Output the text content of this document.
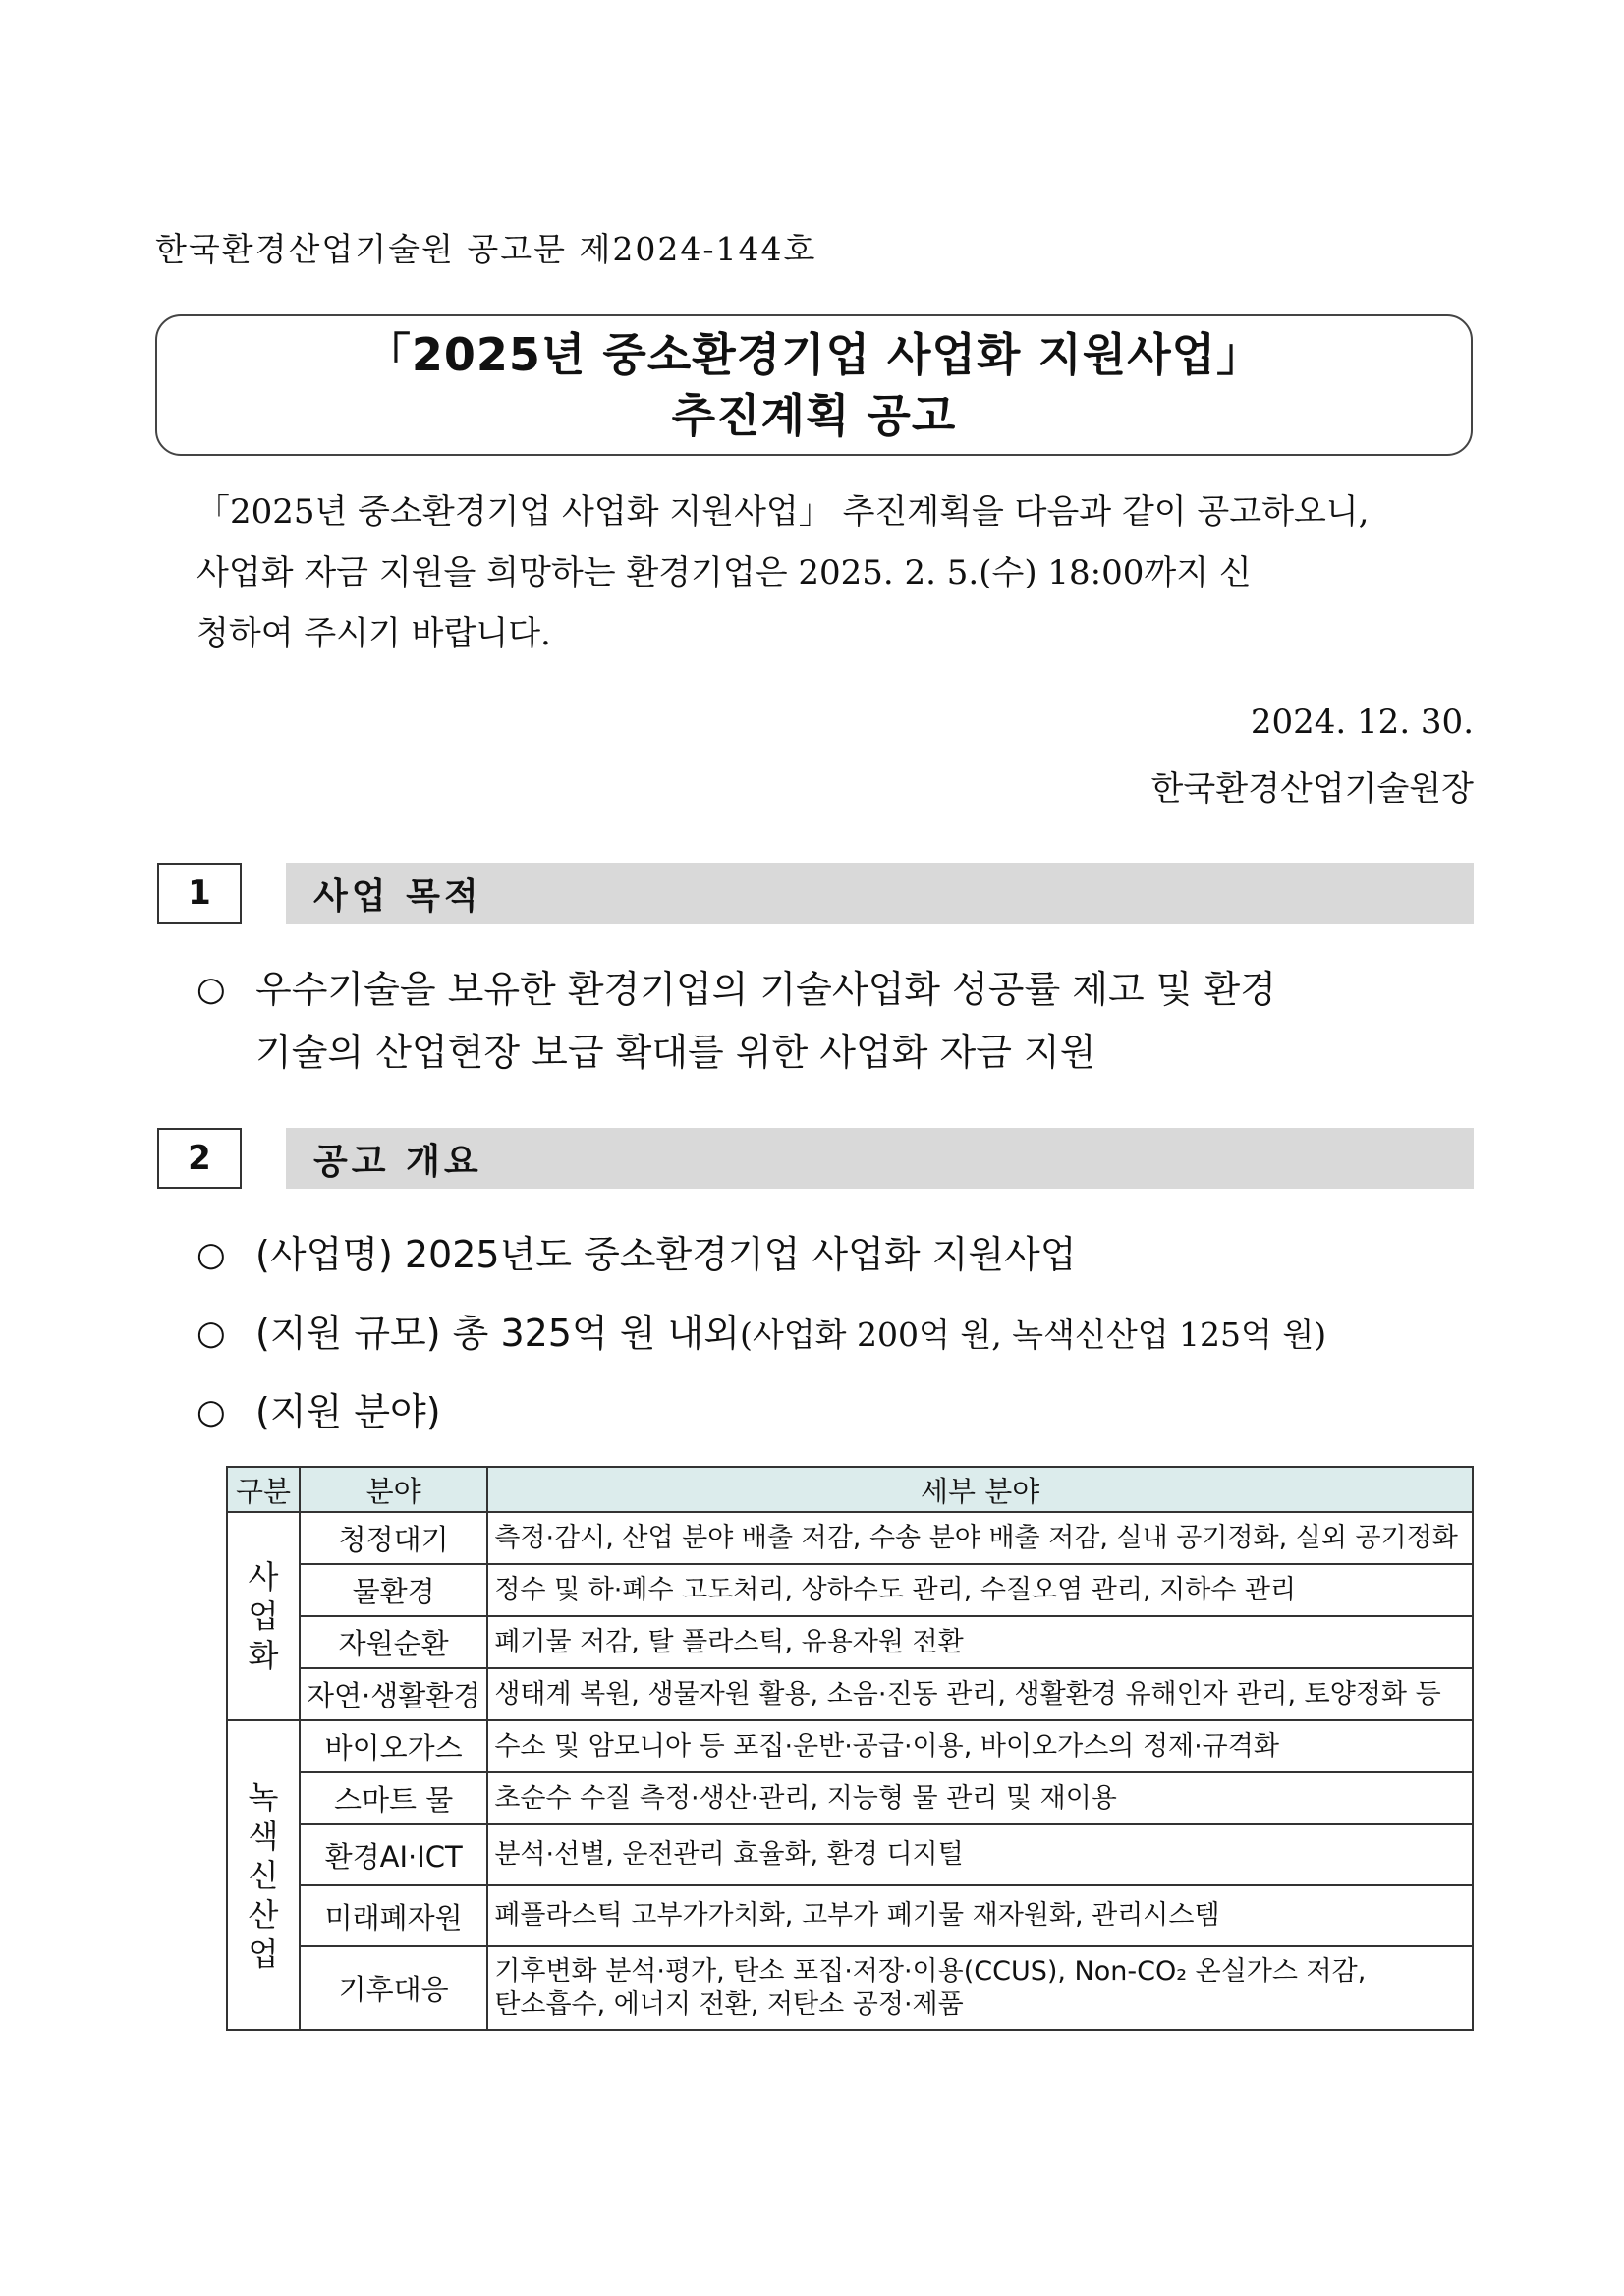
한국환경산업기술원 공고문 제2024-144호
「2025년 중소환경기업 사업화 지원사업」
추진계획 공고

「2025년 중소환경기업 사업화 지원사업」 추진계획을 다음과 같이 공고하오니,

사업화 자금 지원을 희망하는 환경기업은 2025. 2. 5.(수) 18:00까지 신

청하여 주시기 바랍니다.

2024. 12. 30.
한국환경산업기술원장
1	사업 목적
○ 우수기술을 보유한 환경기업의 기술사업화 성공률 제고 및 환경
기술의 산업현장 보급 확대를 위한 사업화 자금 지원
2	공고 개요
○ (사업명) 2025년도 중소환경기업 사업화 지원사업
○ (지원 규모) 총 325억 원 내외(사업화 200억 원, 녹색신산업 125억 원)
○ (지원 분야)
구분	분야	세부 분야

사
업
화	청정대기	측정·감시, 산업 분야 배출 저감, 수송 분야 배출 저감, 실내 공기정화, 실외 공기정화
	물환경	정수 및 하·폐수 고도처리, 상하수도 관리, 수질오염 관리, 지하수 관리
	자원순환	폐기물 저감, 탈 플라스틱, 유용자원 전환
	자연·생활환경	생태계 복원, 생물자원 활용, 소음·진동 관리, 생활환경 유해인자 관리, 토양정화 등

녹
색
신
산
업	바이오가스	수소 및 암모니아 등 포집·운반·공급·이용, 바이오가스의 정제·규격화
	스마트 물	초순수 수질 측정·생산·관리, 지능형 물 관리 및 재이용
	환경AI·ICT	분석·선별, 운전관리 효율화, 환경 디지털
	미래폐자원	폐플라스틱 고부가가치화, 고부가 폐기물 재자원화, 관리시스템
	기후대응	기후변화 분석·평가, 탄소 포집·저장·이용(CCUS), Non-CO₂ 온실가스 저감,
탄소흡수, 에너지 전환, 저탄소 공정·제품
